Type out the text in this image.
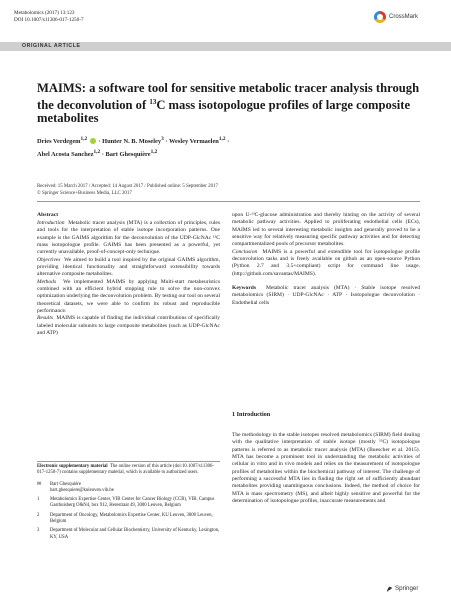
Metabolomics (2017) 13:123
DOI 10.1007/s11306-017-1250-7	CrossMark
ORIGINAL ARTICLE
MAIMS: a software tool for sensitive metabolic tracer analysis through the deconvolution of $^{13}$C mass isotopologue profiles of large composite metabolites
Dries Verdegem$^{1,2}$  · Hunter N. B. Moseley$^3$ · Wesley Vermaelen$^{1,2}$ ·
Abel Acosta Sanchez$^{1,2}$ · Bart Ghesquière$^{1,2}$
Received: 15 March 2017 / Accepted: 14 August 2017 / Published online: 5 September 2017
© Springer Science+Business Media, LLC 2017
Abstract
Introduction Metabolic tracer analysis (MTA) is a collection of principles, rules and tools for the interpretation of stable isotope incorporation patterns. One example is the GAIMS algorithm for the deconvolution of the UDP-GlcNAc ¹³C mass isotopologue profile. GAIMS has been presented as a powerful, yet currently unavailable, proof-of-concept-only technique.
Objectives We aimed to build a tool inspired by the original GAIMS algorithm, providing identical functionality and straightforward extensibility towards alternative composite metabolites.
Methods We implemented MAIMS by applying Multi-start metaheuristics combined with an efficient hybrid stopping rule to solve the non-convex optimization underlying the deconvolution problem. By testing our tool on several theoretical datasets, we were able to confirm its robust and reproducible performance.
Results MAIMS is capable of finding the individual contributions of specifically labeled molecular subunits to large composite metabolites (such as UDP-GlcNAc and ATP)
Electronic supplementary material The online version of this article (doi:10.1007/s11306-017-1250-7) contains supplementary material, which is available to authorized users.
✉	Bart Ghesquière
bart.ghesquiere@kuleuven.vib.be
1	Metabolomics Expertise Center, VIB Center for Cancer Biology (CCB), VIB, Campus Gasthuisberg O&N4, box 912, Herestraat 49, 3000 Leuven, Belgium
2	Department of Oncology, Metabolomics Expertise Center, KU Leuven, 3000 Leuven, Belgium
3	Department of Molecular and Cellular Biochemistry, University of Kentucky, Lexington, KY, USA
upon U-¹³C-glucose administration and thereby hinting on the activity of several metabolic pathway activities. Applied to proliferating endothelial cells (ECs), MAIMS led to several interesting metabolic insights and generally proved to be a sensitive way for relatively measuring specific pathway activities and for detecting compartmentalized pools of precursor metabolites.
Conclusion MAIMS is a powerful and extendible tool for isotopologue profile deconvolution tasks and is freely available on github as an open-source Python (Python 2.7 and 3.5+compliant) script for command line usage. (http://github.com/savantas/MAIMS).
Keywords Metabolic tracer analysis (MTA) · Stable isotope resolved metabolomics (SIRM) · UDP-GlcNAc · ATP · Isotopologue deconvolution · Endothelial cells
1 Introduction
The methodology in the stable isotopes resolved metabolomics (SIRM) field dealing with the qualitative interpretation of stable isotope (mostly ¹³C) isotopologue patterns is referred to as metabolic tracer analysis (MTA) (Buescher et al. 2015). MTA has become a prominent tool in understanding the metabolic activities of cellular in vitro and in vivo models and relies on the measurement of isotopologue profiles of metabolites within the biochemical pathway of interest. The challenge of performing a successful MTA lies in finding the right set of sufficiently abundant metabolites providing unambiguous conclusions. Indeed, the method of choice for MTA is mass spectrometry (MS), and albeit highly sensitive and powerful for the determination of isotopologue profiles, inaccurate measurements and
Springer
